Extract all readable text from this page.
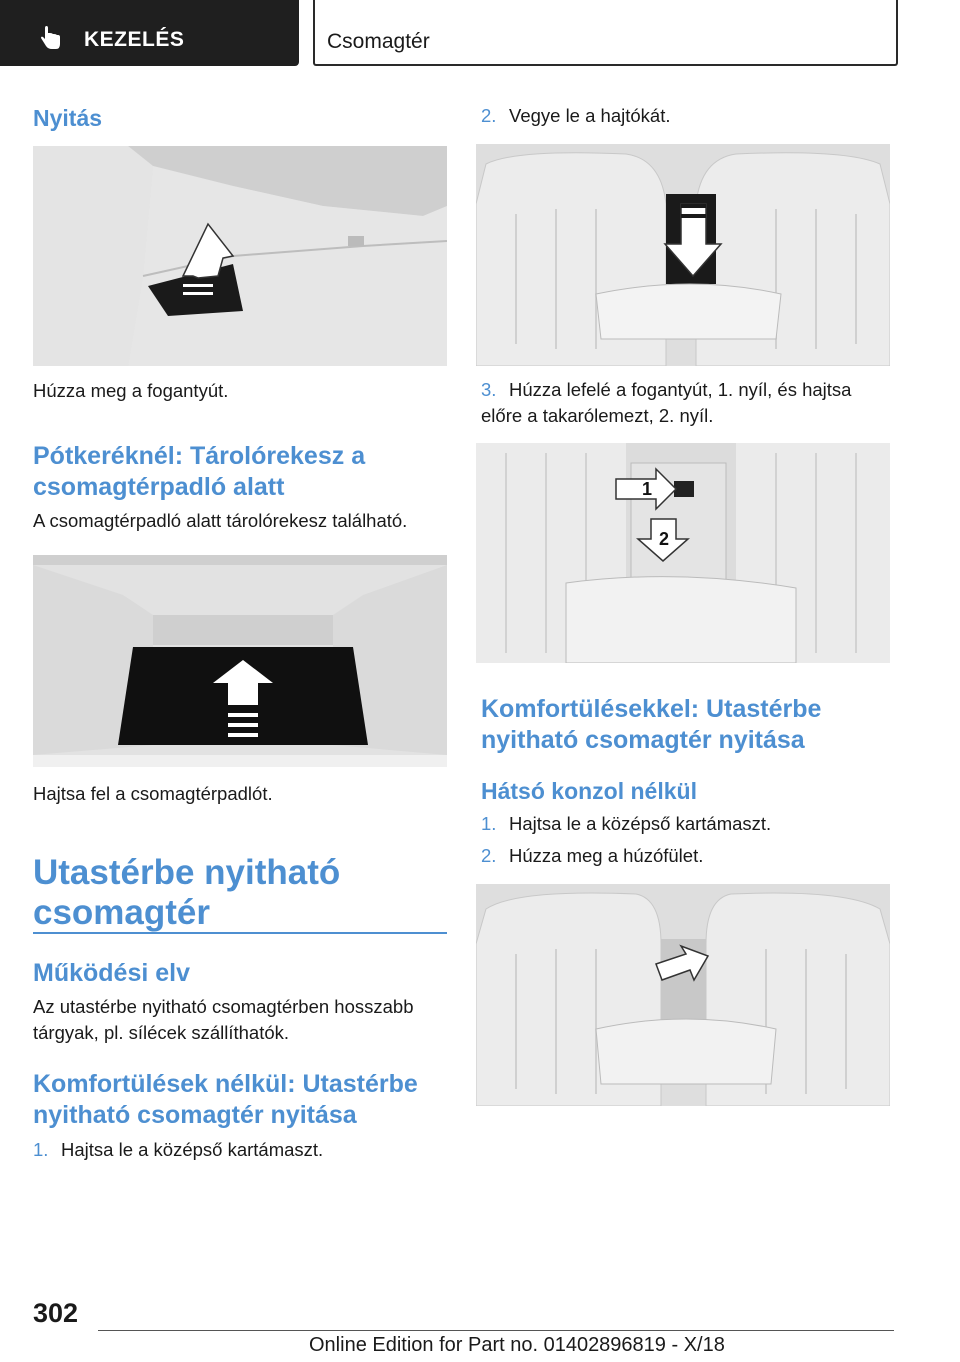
KEZELÉS	Csomagtér
Nyitás

Húzza meg a fogantyút.

Pótkeréknél: Tárolórekesz a csomagtérpadló alatt

A csomagtérpadló alatt tárolórekesz található.

Hajtsa fel a csomagtérpadlót.

Utastérbe nyitható csomagtér
Működési elv

Az utastérbe nyitható csomagtérben hosszabb tárgyak, pl. sílécek szállíthatók.

Komfortülések nélkül: Utastérbe nyitható csomagtér nyitása

1. Hajtsa le a középső kartámaszt.

2. Vegye le a hajtókát.

3. Húzza lefelé a fogantyút, 1. nyíl, és hajtsa előre a takarólemezt, 2. nyíl.

1
2
Komfortülésekkel: Utastérbe nyitható csomagtér nyitása
Hátsó konzol nélkül

1. Hajtsa le a középső kartámaszt.

2. Húzza meg a húzófület.

302
Online Edition for Part no. 01402896819 - X/18
